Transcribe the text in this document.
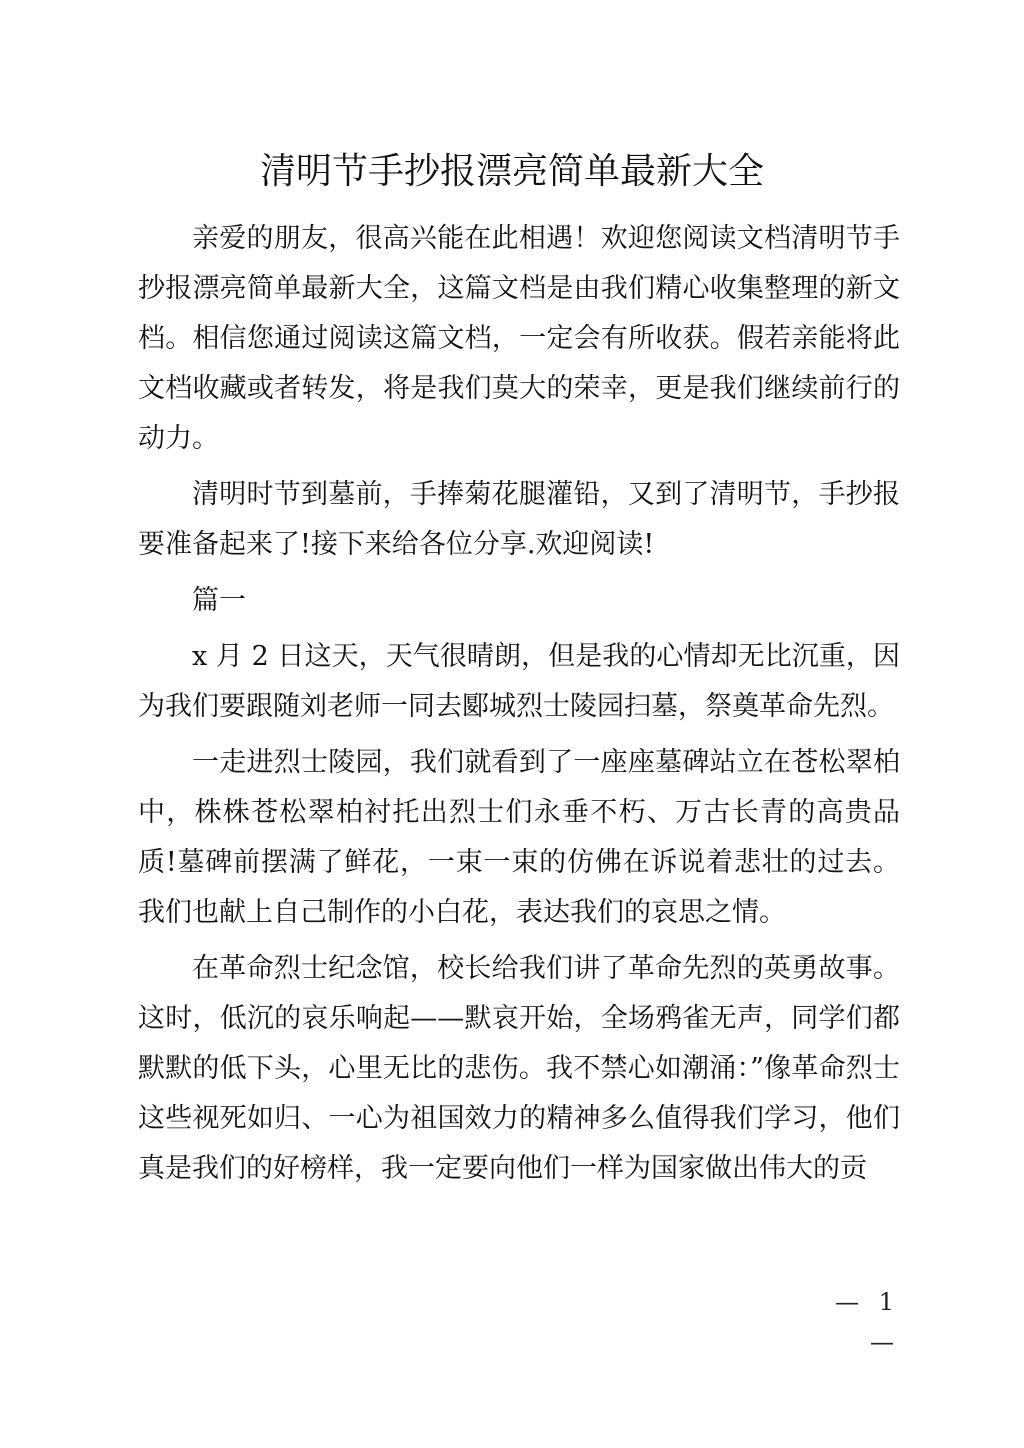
清明节手抄报漂亮简单最新大全

亲爱的朋友，很高兴能在此相遇！欢迎您阅读文档清明节手抄报漂亮简单最新大全，这篇文档是由我们精心收集整理的新文档。相信您通过阅读这篇文档，一定会有所收获。假若亲能将此文档收藏或者转发，将是我们莫大的荣幸，更是我们继续前行的动力。

清明时节到墓前，手捧菊花腿灌铅，又到了清明节，手抄报要准备起来了!接下来给各位分享.欢迎阅读!

篇一

x 月 2 日这天，天气很晴朗，但是我的心情却无比沉重，因为我们要跟随刘老师一同去郾城烈士陵园扫墓，祭奠革命先烈。

一走进烈士陵园，我们就看到了一座座墓碑站立在苍松翠柏中，株株苍松翠柏衬托出烈士们永垂不朽、万古长青的高贵品质!墓碑前摆满了鲜花，一束一束的仿佛在诉说着悲壮的过去。我们也献上自己制作的小白花，表达我们的哀思之情。

在革命烈士纪念馆，校长给我们讲了革命先烈的英勇故事。这时，低沉的哀乐响起——默哀开始，全场鸦雀无声，同学们都默默的低下头，心里无比的悲伤。我不禁心如潮涌：”像革命烈士这些视死如归、一心为祖国效力的精神多么值得我们学习，他们真是我们的好榜样，我一定要向他们一样为国家做出伟大的贡

— 1 —
